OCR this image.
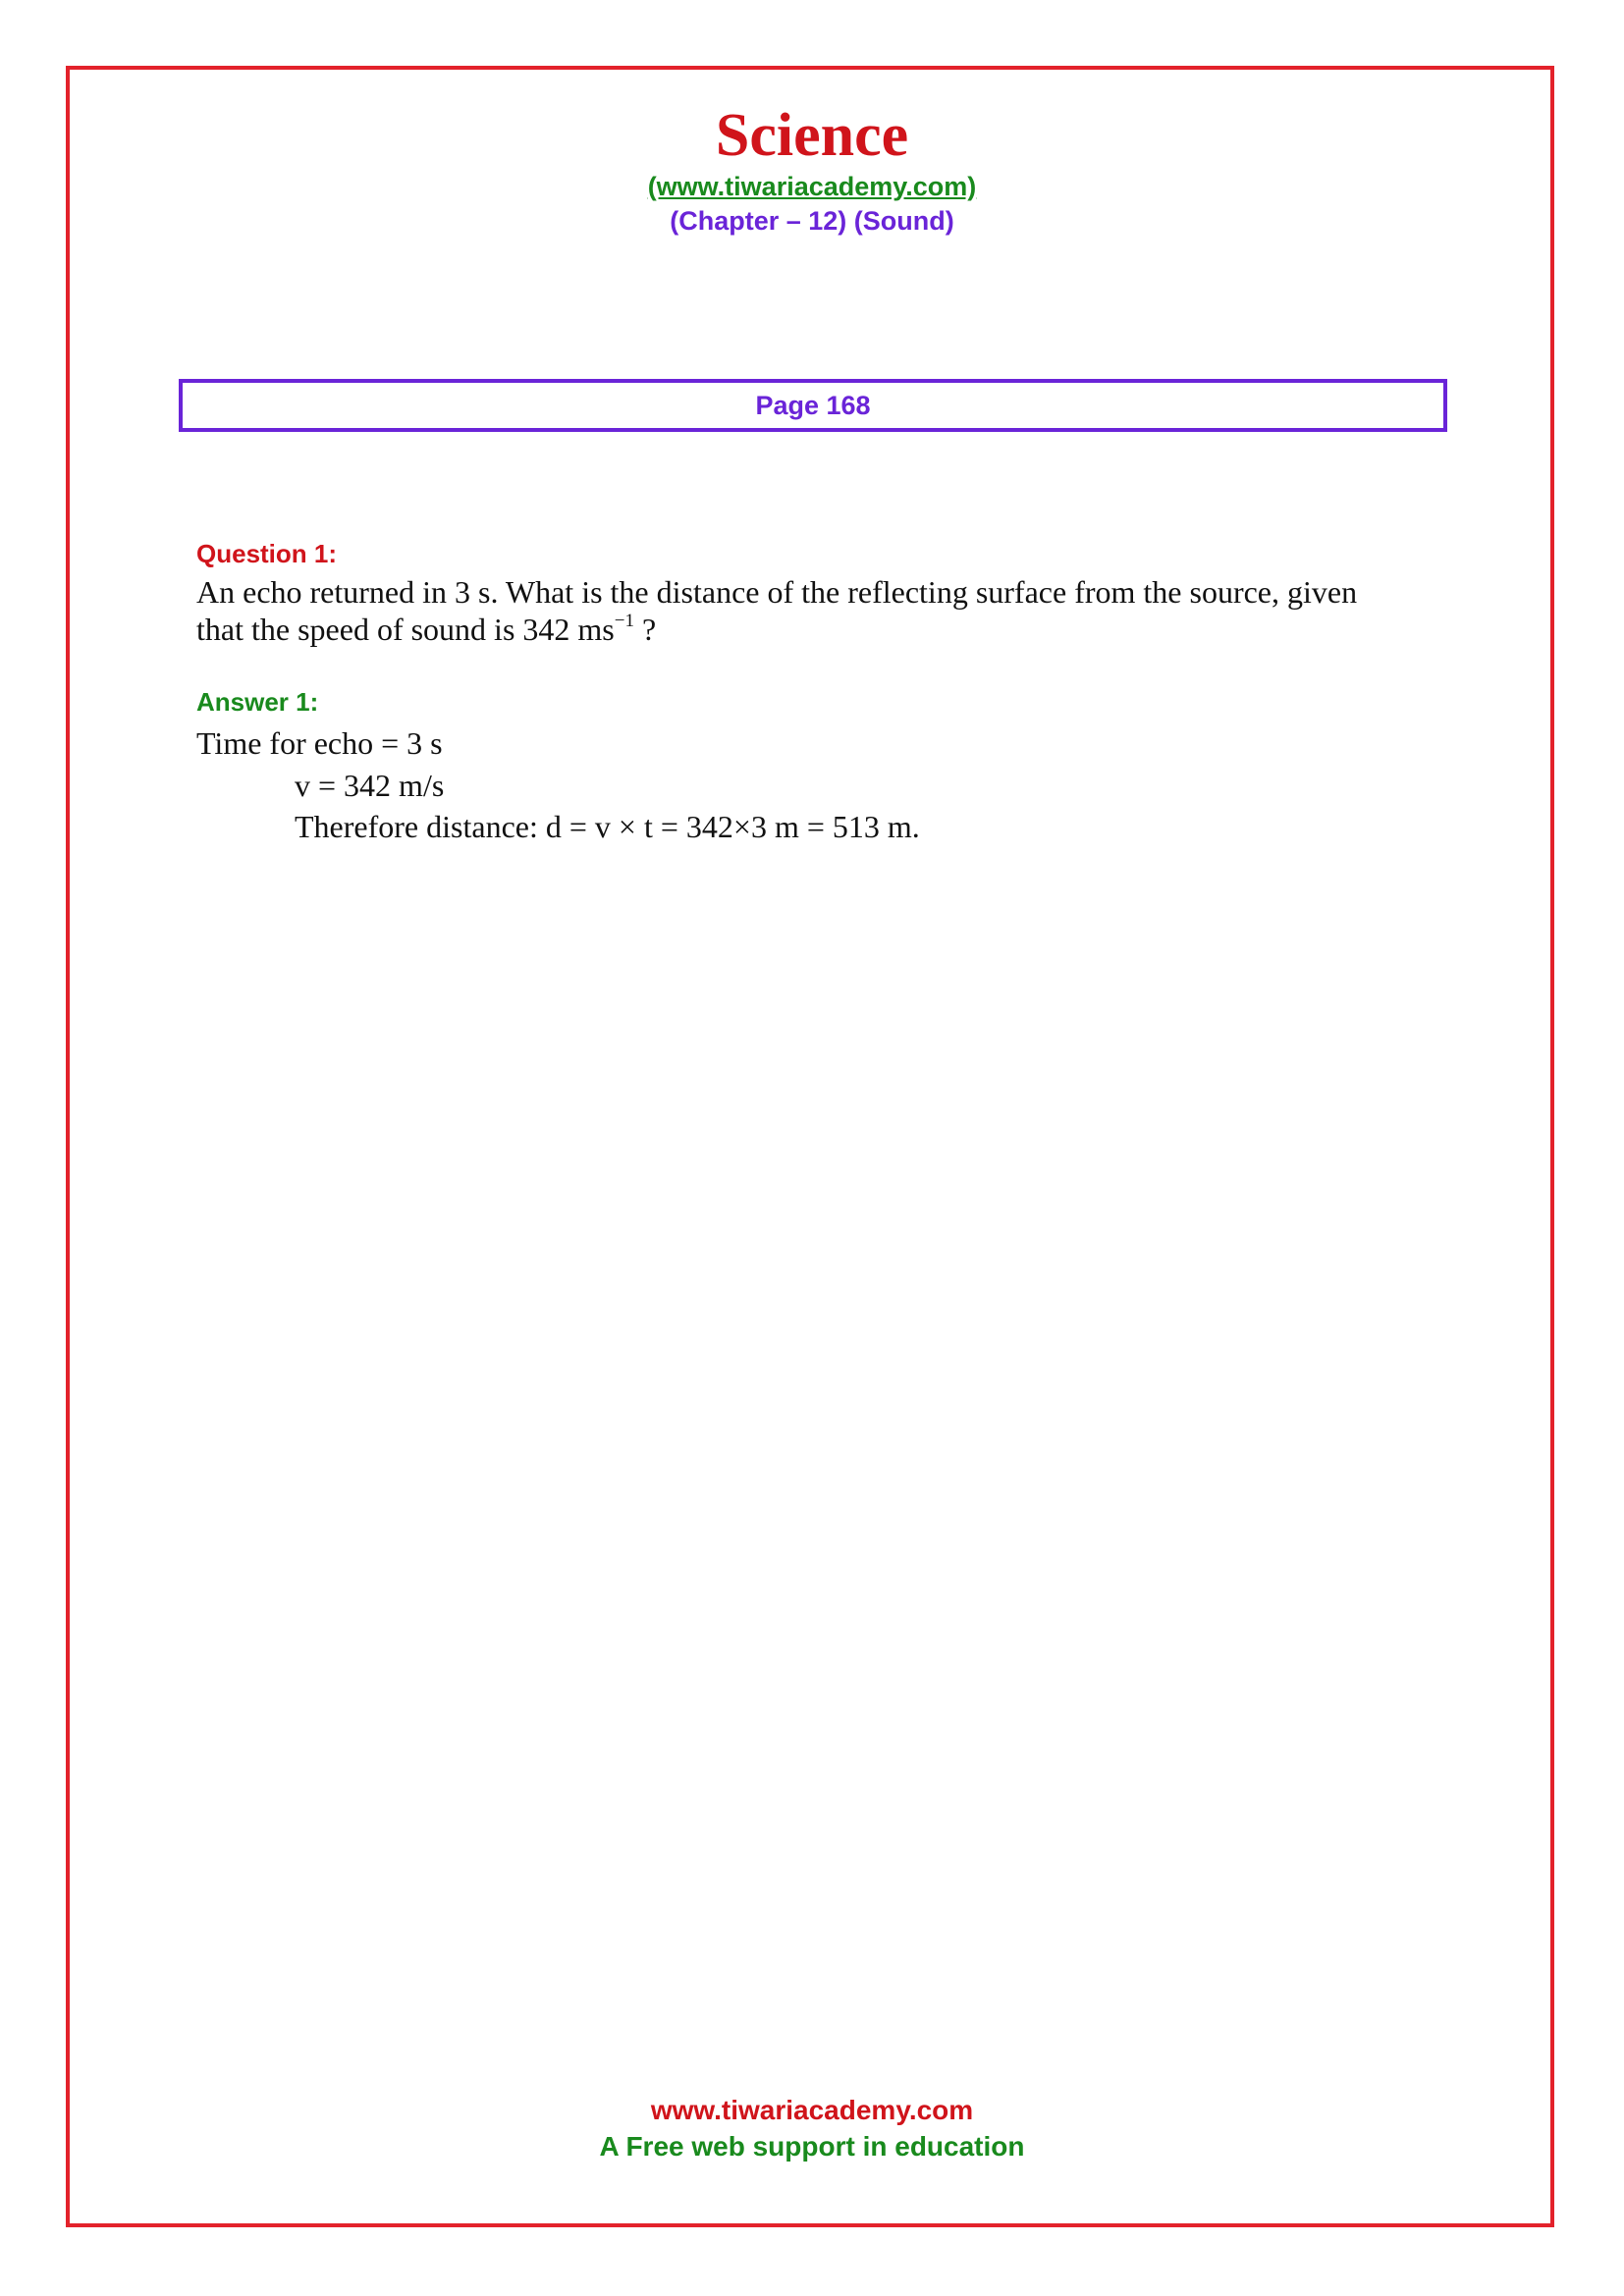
Science
(www.tiwariacademy.com)
(Chapter – 12) (Sound)
Page 168
Question 1:
An echo returned in 3 s. What is the distance of the reflecting surface from the source, given
that the speed of sound is 342 $ms^{-1}$ ?
Answer 1:
Time for echo = 3 s
v = 342 m/s
Therefore distance: d = v × t = 342×3 m = 513 m.
www.tiwariacademy.com
A Free web support in education
